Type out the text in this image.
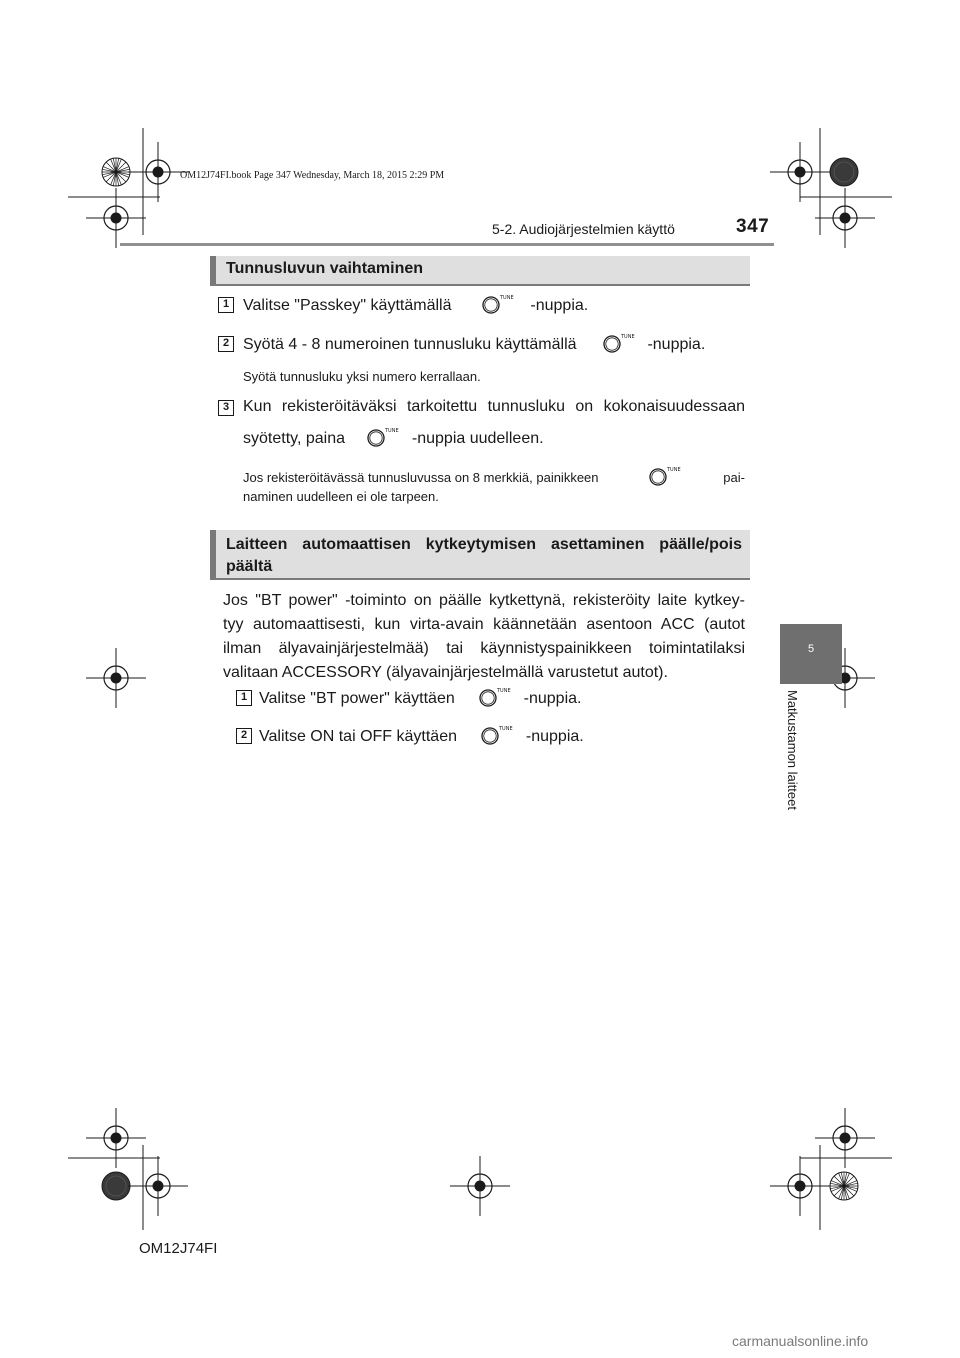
OM12J74FI.book Page 347 Wednesday, March 18, 2015 2:29 PM
5-2. Audiojärjestelmien käyttö	347
5
Matkustamon laitteet
Tunnusluvun vaihtaminen
1 Valitse "Passkey" käyttämällä	TUNE -nuppia.
2 Syötä 4 - 8 numeroinen tunnusluku käyttämällä	TUNE -nuppia.
Syötä tunnusluku yksi numero kerrallaan.
3 Kun rekisteröitäväksi tarkoitettu tunnusluku on kokonaisuudessaan
syötetty, paina	TUNE -nuppia uudelleen.
Jos rekisteröitävässä tunnusluvussa on 8 merkkiä, painikkeen	TUNE	pai-
naminen uudelleen ei ole tarpeen.
Laitteen automaattisen kytkeytymisen asettaminen päälle/pois
päältä
Jos "BT power" -toiminto on päälle kytkettynä, rekisteröity laite kytkey-
tyy automaattisesti, kun virta-avain käännetään asentoon ACC (autot
ilman älyavainjärjestelmää) tai käynnistyspainikkeen toimintatilaksi
valitaan ACCESSORY (älyavainjärjestelmällä varustetut autot).
1 Valitse "BT power" käyttäen	TUNE -nuppia.
2 Valitse ON tai OFF käyttäen	TUNE -nuppia.
OM12J74FI
carmanualsonline.info
